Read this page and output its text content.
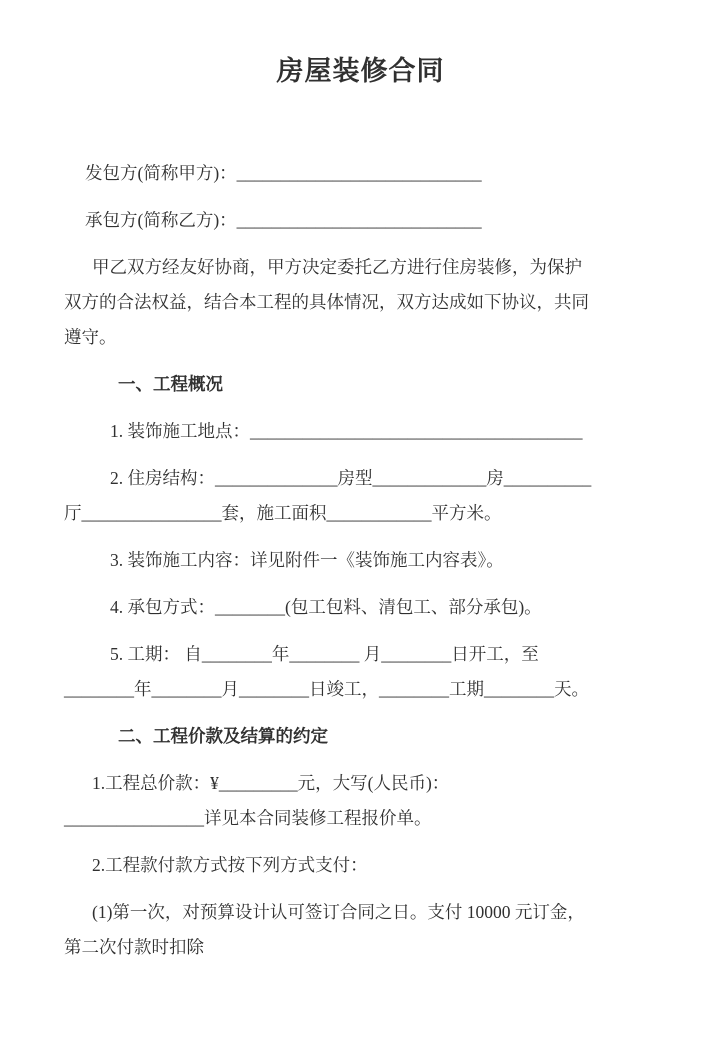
房屋装修合同

发包方(简称甲方)：____________________________

承包方(简称乙方)：____________________________

甲乙双方经友好协商，甲方决定委托乙方进行住房装修，为保护

双方的合法权益，结合本工程的具体情况，双方达成如下协议，共同

遵守。

一、工程概况

1. 装饰施工地点：______________________________________

2. 住房结构：______________房型_____________房__________

厅________________套，施工面积____________平方米。

3. 装饰施工内容：详见附件一《装饰施工内容表》。

4. 承包方式：________(包工包料、清包工、部分承包)。

5. 工期： 自________年________ 月________日开工，至

________年________月________日竣工，________工期________天。

二、工程价款及结算的约定

1.工程总价款：¥_________元，大写(人民币)：

________________详见本合同装修工程报价单。

2.工程款付款方式按下列方式支付：

(1)第一次，对预算设计认可签订合同之日。支付 10000 元订金，

第二次付款时扣除
